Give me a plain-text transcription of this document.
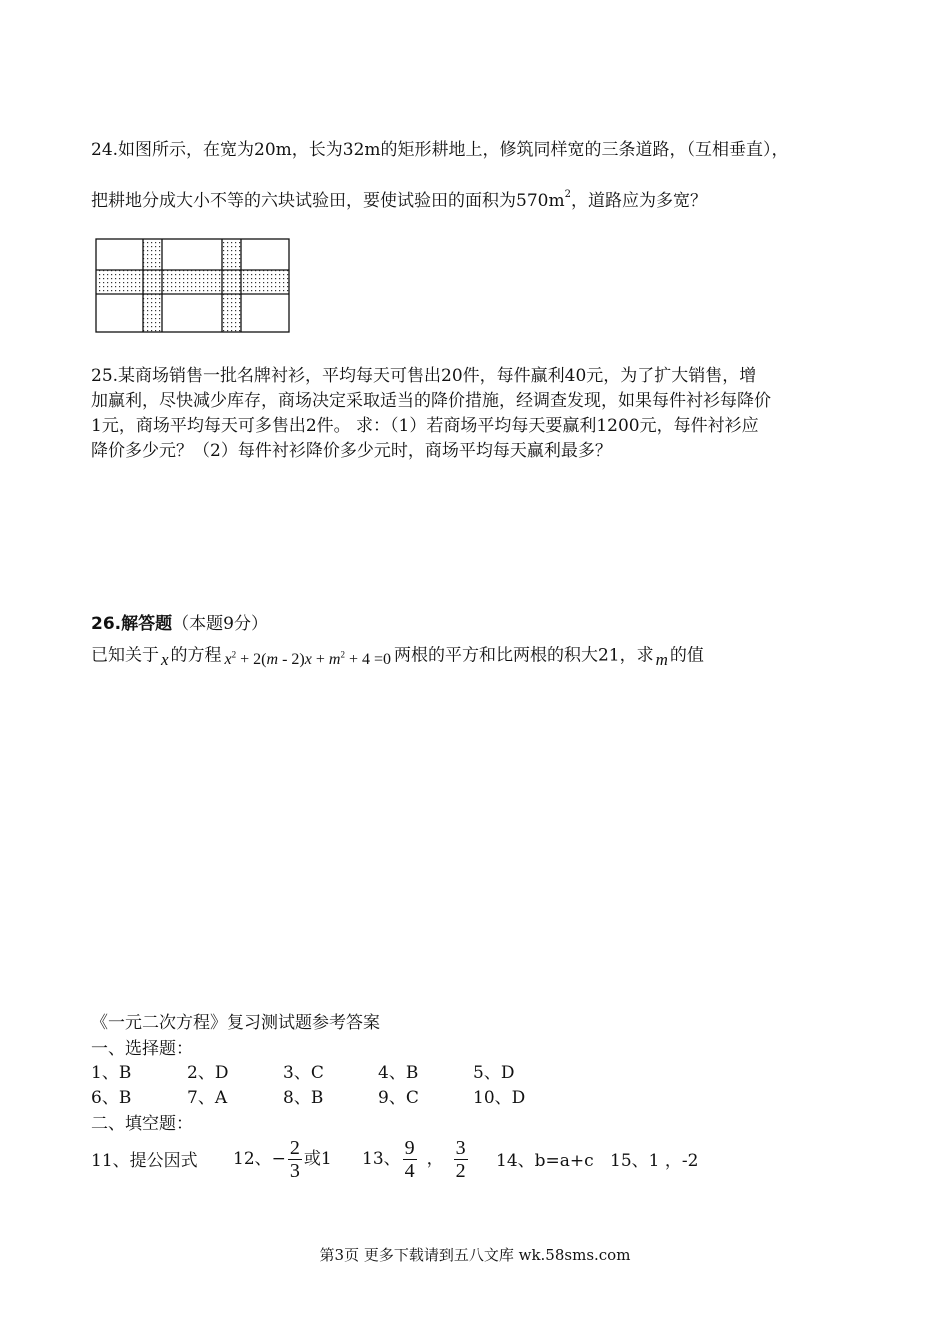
24.如图所示，在宽为20m，长为32m的矩形耕地上，修筑同样宽的三条道路，（互相垂直），
把耕地分成大小不等的六块试验田，要使试验田的面积为$570m^2$，道路应为多宽？
25.某商场销售一批名牌衬衫，平均每天可售出20件，每件赢利40元，为了扩大销售，增
加赢利，尽快减少库存，商场决定采取适当的降价措施，经调查发现，如果每件衬衫每降价
1元，商场平均每天可多售出2件。 求：（1）若商场平均每天要赢利1200元，每件衬衫应
降价多少元？（2）每件衬衫降价多少元时，商场平均每天赢利最多？
26.解答题（本题9分）
已知关于 x 的方程 $x^2 + 2(m - 2)x + m^2 + 4 =0$ 两根的平方和比两根的积大21，求 m 的值
《一元二次方程》复习测试题参考答案
一、选择题：
1、B	2、D	3、C	4、B	5、D
6、B	7、A	8、B	9、C	10、D
二、填空题：
11、提公因式 12、− $\frac{2}{3}$ 或1 13、 $\frac{9}{4}$ ， $\frac{3}{2} 14$、b=a+c 15、1 ，-2
第3页 更多下载请到五八文库 wk.58sms.com
